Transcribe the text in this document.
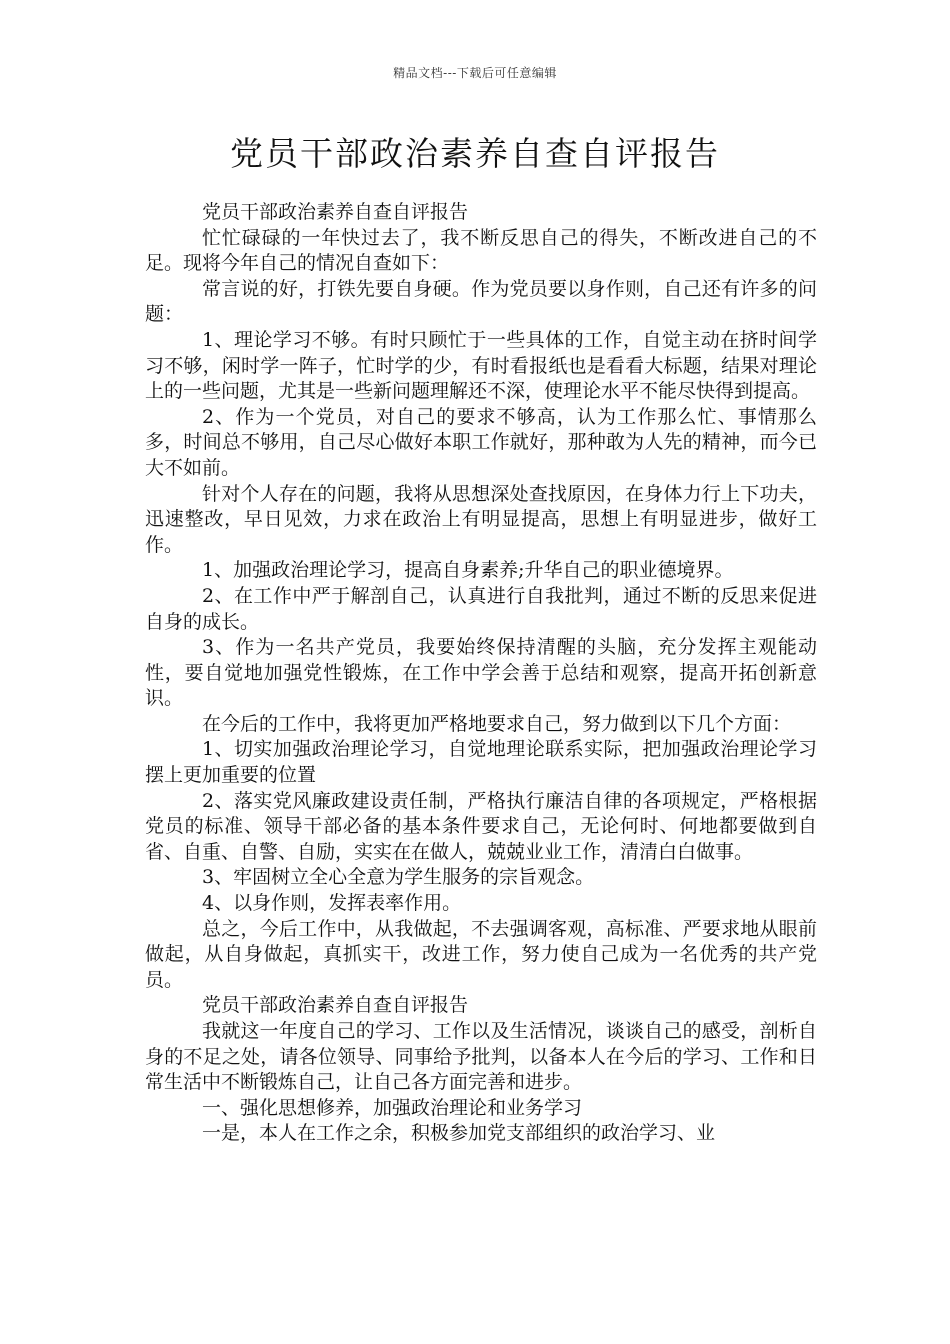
精品文档---下载后可任意编辑
党员干部政治素养自查自评报告

党员干部政治素养自查自评报告

忙忙碌碌的一年快过去了，我不断反思自己的得失，不断改进自己的不足。现将今年自己的情况自查如下：

常言说的好，打铁先要自身硬。作为党员要以身作则，自己还有许多的问题：

1、理论学习不够。有时只顾忙于一些具体的工作，自觉主动在挤时间学习不够，闲时学一阵子，忙时学的少，有时看报纸也是看看大标题，结果对理论上的一些问题，尤其是一些新问题理解还不深，使理论水平不能尽快得到提高。

2、作为一个党员，对自己的要求不够高，认为工作那么忙、事情那么多，时间总不够用，自己尽心做好本职工作就好，那种敢为人先的精神，而今已大不如前。

针对个人存在的问题，我将从思想深处查找原因，在身体力行上下功夫，迅速整改，早日见效，力求在政治上有明显提高，思想上有明显进步，做好工作。

1、加强政治理论学习，提高自身素养;升华自己的职业德境界。

2、在工作中严于解剖自己，认真进行自我批判，通过不断的反思来促进自身的成长。

3、作为一名共产党员，我要始终保持清醒的头脑，充分发挥主观能动性，要自觉地加强党性锻炼，在工作中学会善于总结和观察，提高开拓创新意识。

在今后的工作中，我将更加严格地要求自己，努力做到以下几个方面：

1、切实加强政治理论学习，自觉地理论联系实际，把加强政治理论学习摆上更加重要的位置

2、落实党风廉政建设责任制，严格执行廉洁自律的各项规定，严格根据党员的标准、领导干部必备的基本条件要求自己，无论何时、何地都要做到自省、自重、自警、自励，实实在在做人，兢兢业业工作，清清白白做事。

3、牢固树立全心全意为学生服务的宗旨观念。

4、以身作则，发挥表率作用。

总之，今后工作中，从我做起，不去强调客观，高标准、严要求地从眼前做起，从自身做起，真抓实干，改进工作，努力使自己成为一名优秀的共产党员。

党员干部政治素养自查自评报告

我就这一年度自己的学习、工作以及生活情况，谈谈自己的感受，剖析自身的不足之处，请各位领导、同事给予批判，以备本人在今后的学习、工作和日常生活中不断锻炼自己，让自己各方面完善和进步。

一、强化思想修养，加强政治理论和业务学习

一是，本人在工作之余，积极参加党支部组织的政治学习、业
